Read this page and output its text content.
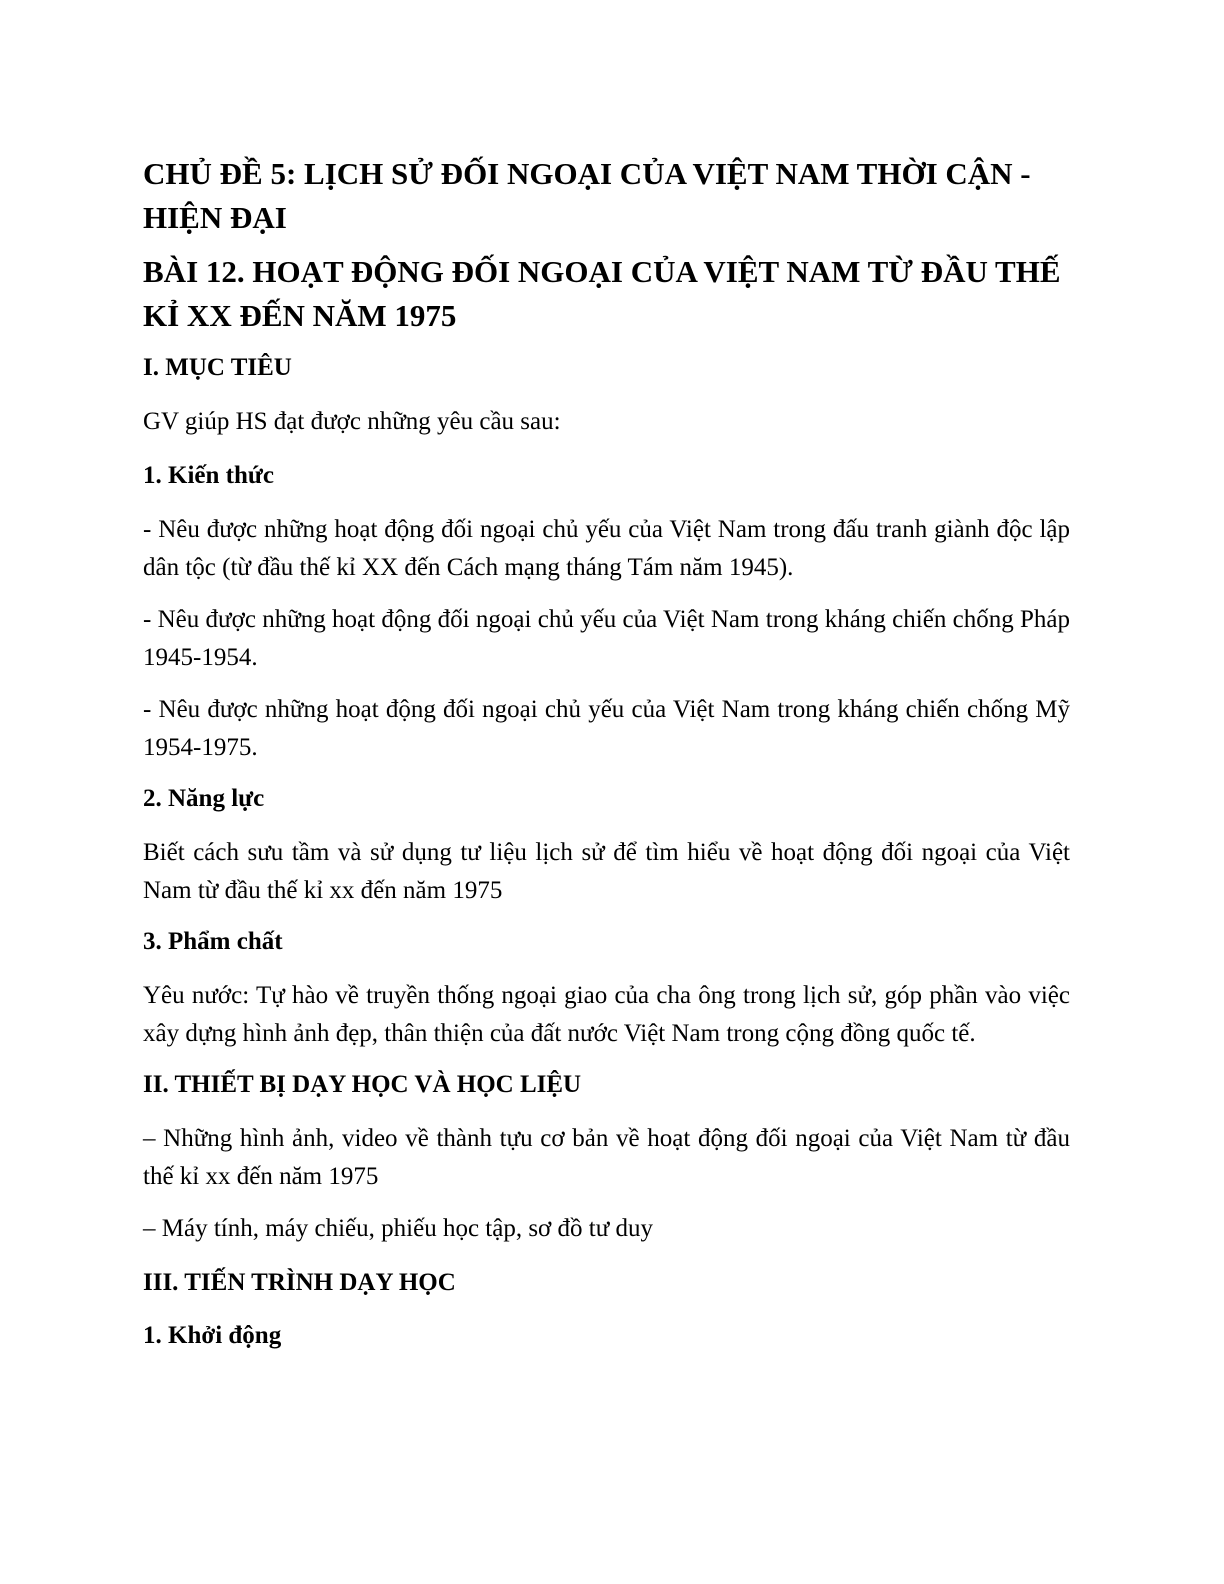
CHỦ ĐỀ 5: LỊCH SỬ ĐỐI NGOẠI CỦA VIỆT NAM THỜI CẬN - HIỆN ĐẠI
BÀI 12. HOẠT ĐỘNG ĐỐI NGOẠI CỦA VIỆT NAM TỪ ĐẦU THẾ KỈ XX ĐẾN NĂM 1975
I. MỤC TIÊU
GV giúp HS đạt được những yêu cầu sau:
1. Kiến thức
- Nêu được những hoạt động đối ngoại chủ yếu của Việt Nam trong đấu tranh giành độc lập dân tộc (từ đầu thế kỉ XX đến Cách mạng tháng Tám năm 1945).
- Nêu được những hoạt động đối ngoại chủ yếu của Việt Nam trong kháng chiến chống Pháp 1945-1954.
- Nêu được những hoạt động đối ngoại chủ yếu của Việt Nam trong kháng chiến chống Mỹ 1954-1975.
2. Năng lực
Biết cách sưu tầm và sử dụng tư liệu lịch sử để tìm hiểu về hoạt động đối ngoại của Việt Nam từ đầu thế kỉ xx đến năm 1975
3. Phẩm chất
Yêu nước: Tự hào về truyền thống ngoại giao của cha ông trong lịch sử, góp phần vào việc xây dựng hình ảnh đẹp, thân thiện của đất nước Việt Nam trong cộng đồng quốc tế.
II. THIẾT BỊ DẠY HỌC VÀ HỌC LIỆU
– Những hình ảnh, video về thành tựu cơ bản về hoạt động đối ngoại của Việt Nam từ đầu thế kỉ xx đến năm 1975
– Máy tính, máy chiếu, phiếu học tập, sơ đồ tư duy
III. TIẾN TRÌNH DẠY HỌC
1. Khởi động
